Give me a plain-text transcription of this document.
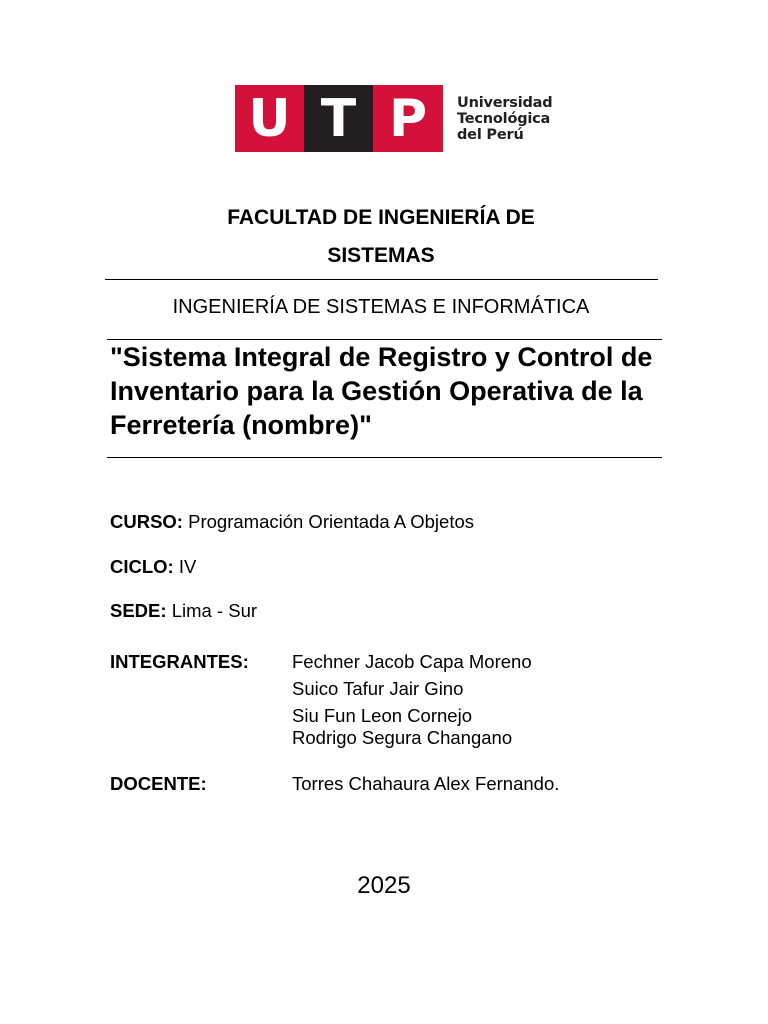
U T P	Universidad
Tecnológica
del Perú
FACULTAD DE INGENIERÍA DE
SISTEMAS
INGENIERÍA DE SISTEMAS E INFORMÁTICA
"Sistema Integral de Registro y Control de Inventario para la Gestión Operativa de la Ferretería (nombre)"
CURSO: Programación Orientada A Objetos
CICLO: IV
SEDE: Lima - Sur
INTEGRANTES: Fechner Jacob Capa Moreno
Suico Tafur Jair Gino
Siu Fun Leon Cornejo
Rodrigo Segura Changano
DOCENTE:	Torres Chahaura Alex Fernando.
2025
